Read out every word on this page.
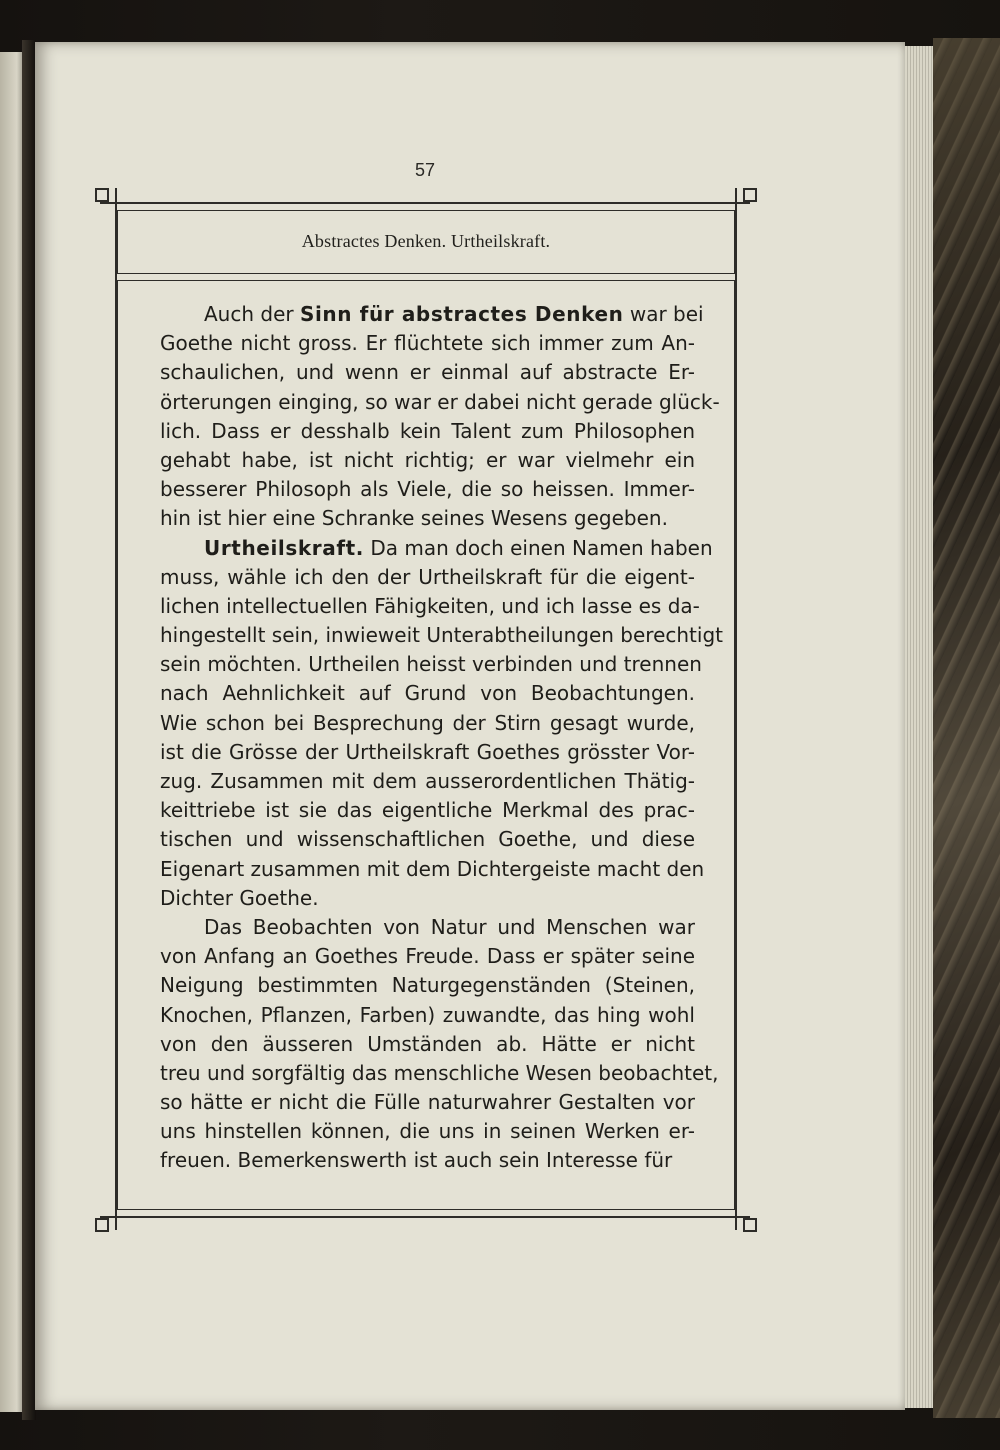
57
Abstractes Denken. Urtheilskraft.
Auch der Sinn für abstractes Denken war bei
Goethe nicht gross. Er flüchtete sich immer zum An-
schaulichen, und wenn er einmal auf abstracte Er-
örterungen einging, so war er dabei nicht gerade glück-
lich. Dass er desshalb kein Talent zum Philosophen
gehabt habe, ist nicht richtig; er war vielmehr ein
besserer Philosoph als Viele, die so heissen. Immer-
hin ist hier eine Schranke seines Wesens gegeben.
Urtheilskraft. Da man doch einen Namen haben
muss, wähle ich den der Urtheilskraft für die eigent-
lichen intellectuellen Fähigkeiten, und ich lasse es da-
hingestellt sein, inwieweit Unterabtheilungen berechtigt
sein möchten. Urtheilen heisst verbinden und trennen
nach Aehnlichkeit auf Grund von Beobachtungen.
Wie schon bei Besprechung der Stirn gesagt wurde,
ist die Grösse der Urtheilskraft Goethes grösster Vor-
zug. Zusammen mit dem ausserordentlichen Thätig-
keittriebe ist sie das eigentliche Merkmal des prac-
tischen und wissenschaftlichen Goethe, und diese
Eigenart zusammen mit dem Dichtergeiste macht den
Dichter Goethe.
Das Beobachten von Natur und Menschen war
von Anfang an Goethes Freude. Dass er später seine
Neigung bestimmten Naturgegenständen (Steinen,
Knochen, Pflanzen, Farben) zuwandte, das hing wohl
von den äusseren Umständen ab. Hätte er nicht
treu und sorgfältig das menschliche Wesen beobachtet,
so hätte er nicht die Fülle naturwahrer Gestalten vor
uns hinstellen können, die uns in seinen Werken er-
freuen. Bemerkenswerth ist auch sein Interesse für
